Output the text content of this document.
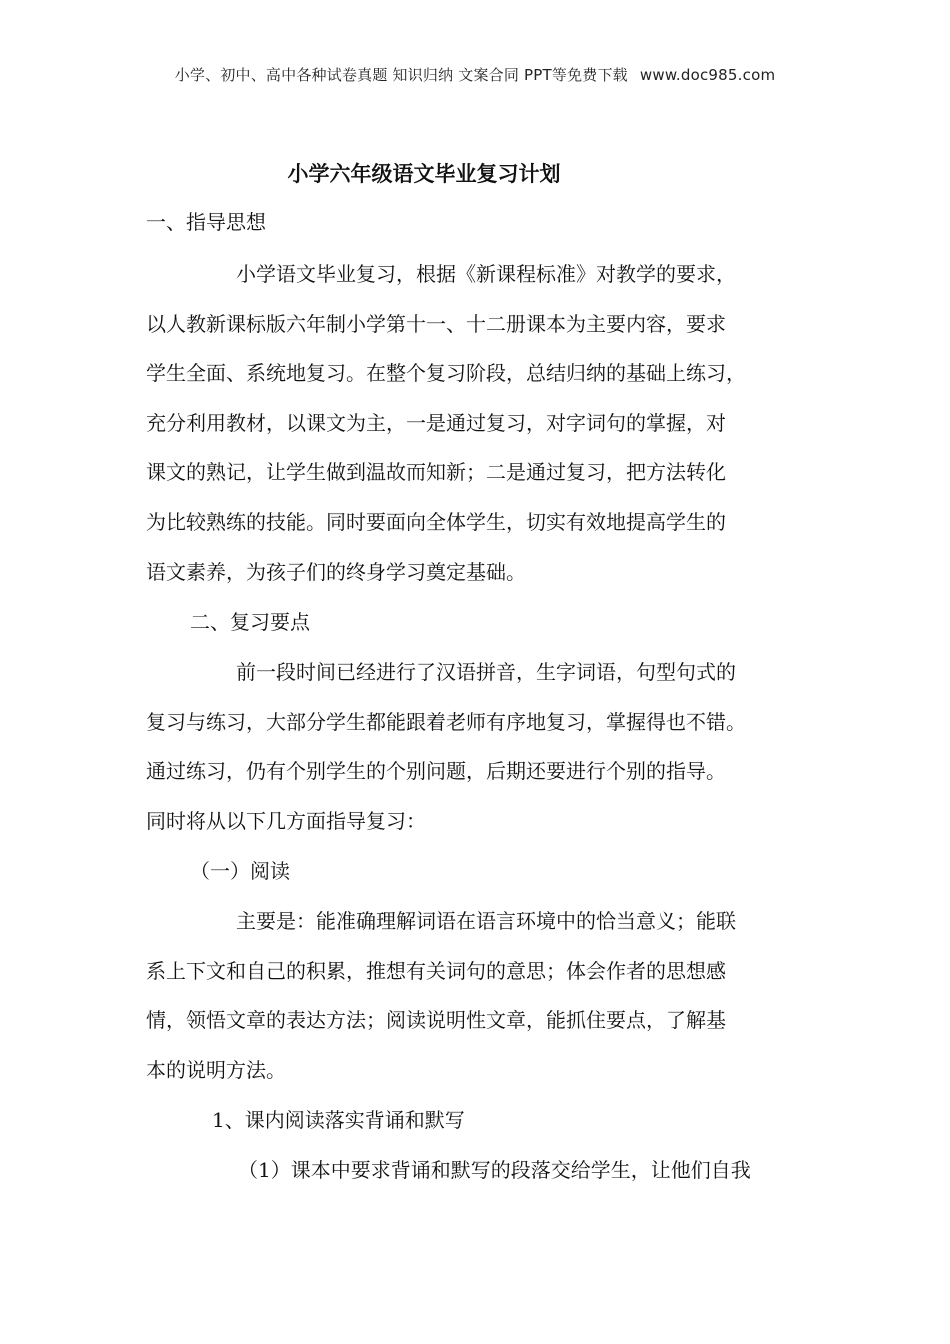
小学、初中、高中各种试卷真题 知识归纳 文案合同 PPT等免费下载 www.doc985.com
小学六年级语文毕业复习计划

一、指导思想

小学语文毕业复习，根据《新课程标准》对教学的要求，

以人教新课标版六年制小学第十一、十二册课本为主要内容，要求

学生全面、系统地复习。在整个复习阶段，总结归纳的基础上练习，

充分利用教材，以课文为主，一是通过复习，对字词句的掌握，对

课文的熟记，让学生做到温故而知新；二是通过复习，把方法转化

为比较熟练的技能。同时要面向全体学生，切实有效地提高学生的

语文素养，为孩子们的终身学习奠定基础。

二、复习要点

前一段时间已经进行了汉语拼音，生字词语，句型句式的

复习与练习，大部分学生都能跟着老师有序地复习，掌握得也不错。

通过练习，仍有个别学生的个别问题，后期还要进行个别的指导。

同时将从以下几方面指导复习：

（一）阅读

主要是：能准确理解词语在语言环境中的恰当意义；能联

系上下文和自己的积累，推想有关词句的意思；体会作者的思想感

情，领悟文章的表达方法；阅读说明性文章，能抓住要点，了解基

本的说明方法。

1、课内阅读落实背诵和默写

（1）课本中要求背诵和默写的段落交给学生，让他们自我
